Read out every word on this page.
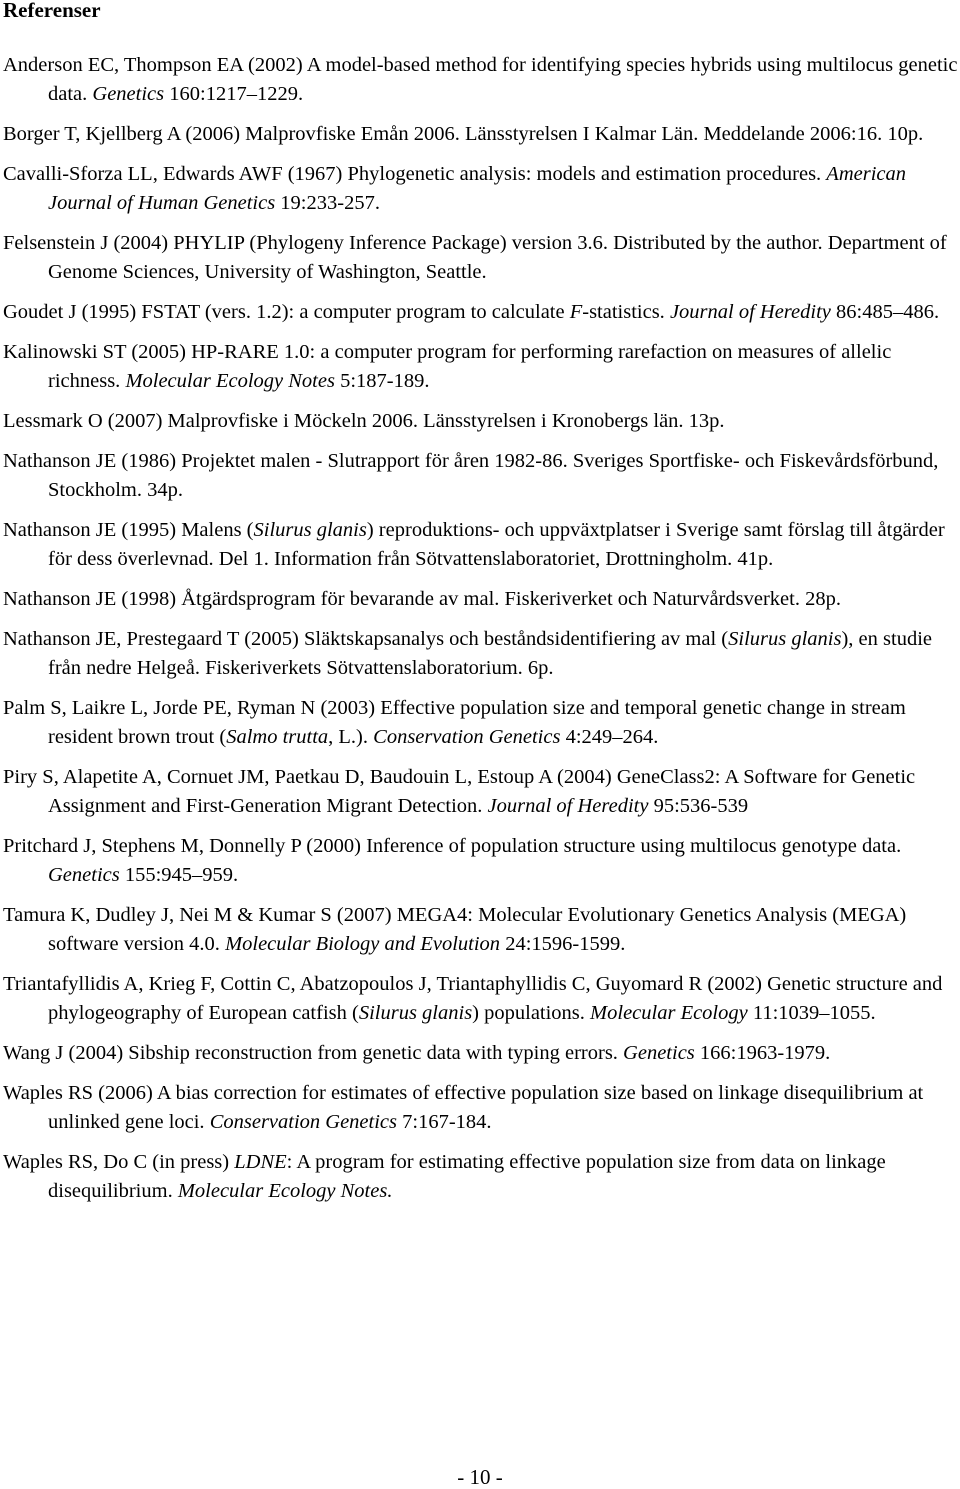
Referenser
Anderson EC, Thompson EA (2002) A model-based method for identifying species hybrids using multilocus genetic data. Genetics 160:1217–1229.
Borger T, Kjellberg A (2006) Malprovfiske Emån 2006. Länsstyrelsen I Kalmar Län. Meddelande 2006:16. 10p.
Cavalli-Sforza LL, Edwards AWF (1967) Phylogenetic analysis: models and estimation procedures. American Journal of Human Genetics 19:233-257.
Felsenstein J (2004) PHYLIP (Phylogeny Inference Package) version 3.6. Distributed by the author. Department of Genome Sciences, University of Washington, Seattle.
Goudet J (1995) FSTAT (vers. 1.2): a computer program to calculate F-statistics. Journal of Heredity 86:485–486.
Kalinowski ST (2005) HP-RARE 1.0: a computer program for performing rarefaction on measures of allelic richness. Molecular Ecology Notes 5:187-189.
Lessmark O (2007) Malprovfiske i Möckeln 2006. Länsstyrelsen i Kronobergs län. 13p.
Nathanson JE (1986) Projektet malen - Slutrapport för åren 1982-86. Sveriges Sportfiske- och Fiskevårdsförbund, Stockholm. 34p.
Nathanson JE (1995) Malens (Silurus glanis) reproduktions- och uppväxtplatser i Sverige samt förslag till åtgärder för dess överlevnad. Del 1. Information från Sötvattenslaboratoriet, Drottningholm. 41p.
Nathanson JE (1998) Åtgärdsprogram för bevarande av mal. Fiskeriverket och Naturvårdsverket. 28p.
Nathanson JE, Prestegaard T (2005) Släktskapsanalys och beståndsidentifiering av mal (Silurus glanis), en studie från nedre Helgeå. Fiskeriverkets Sötvattenslaboratorium. 6p.
Palm S, Laikre L, Jorde PE, Ryman N (2003) Effective population size and temporal genetic change in stream resident brown trout (Salmo trutta, L.). Conservation Genetics 4:249–264.
Piry S, Alapetite A, Cornuet JM, Paetkau D, Baudouin L, Estoup A (2004) GeneClass2: A Software for Genetic Assignment and First-Generation Migrant Detection. Journal of Heredity 95:536-539
Pritchard J, Stephens M, Donnelly P (2000) Inference of population structure using multilocus genotype data. Genetics 155:945–959.
Tamura K, Dudley J, Nei M & Kumar S (2007) MEGA4: Molecular Evolutionary Genetics Analysis (MEGA) software version 4.0. Molecular Biology and Evolution 24:1596-1599.
Triantafyllidis A, Krieg F, Cottin C, Abatzopoulos J, Triantaphyllidis C, Guyomard R (2002) Genetic structure and phylogeography of European catfish (Silurus glanis) populations. Molecular Ecology 11:1039–1055.
Wang J (2004) Sibship reconstruction from genetic data with typing errors. Genetics 166:1963-1979.
Waples RS (2006) A bias correction for estimates of effective population size based on linkage disequilibrium at unlinked gene loci. Conservation Genetics 7:167-184.
Waples RS, Do C (in press) LDNE: A program for estimating effective population size from data on linkage disequilibrium. Molecular Ecology Notes.
- 10 -
